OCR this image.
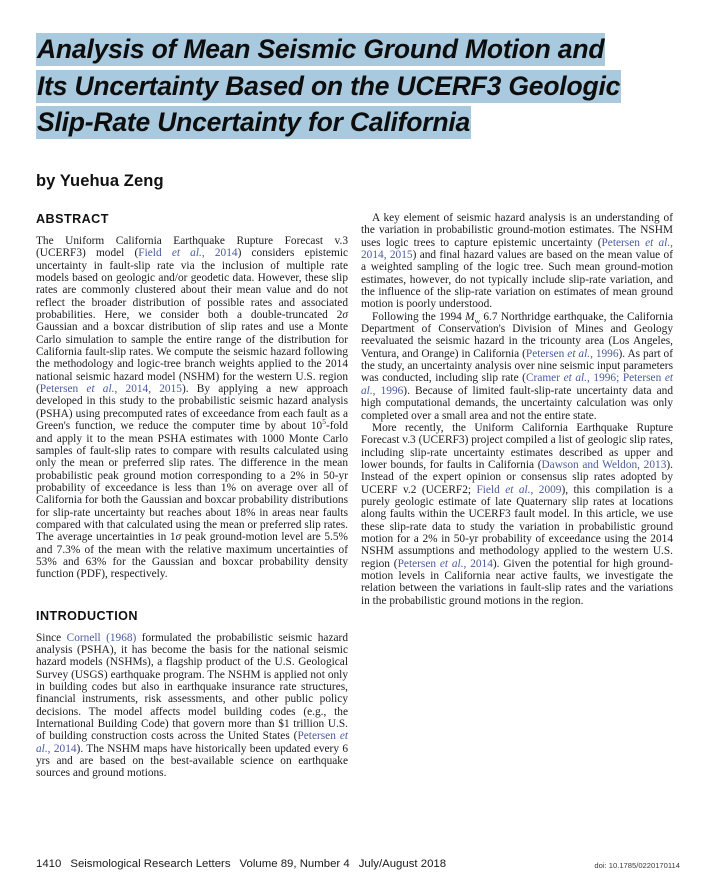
Analysis of Mean Seismic Ground Motion and
Its Uncertainty Based on the UCERF3 Geologic
Slip-Rate Uncertainty for California
by Yuehua Zeng
ABSTRACT

The Uniform California Earthquake Rupture Forecast v.3 (UCERF3) model (Field et al., 2014) considers epistemic uncertainty in fault-slip rate via the inclusion of multiple rate models based on geologic and/or geodetic data. However, these slip rates are commonly clustered about their mean value and do not reflect the broader distribution of possible rates and associated probabilities. Here, we consider both a double-truncated 2σ Gaussian and a boxcar distribution of slip rates and use a Monte Carlo simulation to sample the entire range of the distribution for California fault-slip rates. We compute the seismic hazard following the methodology and logic-tree branch weights applied to the 2014 national seismic hazard model (NSHM) for the western U.S. region (Petersen et al., 2014, 2015). By applying a new approach developed in this study to the probabilistic seismic hazard analysis (PSHA) using precomputed rates of exceedance from each fault as a Green's function, we reduce the computer time by about $10^5$-fold and apply it to the mean PSHA estimates with 1000 Monte Carlo samples of fault-slip rates to compare with results calculated using only the mean or preferred slip rates. The difference in the mean probabilistic peak ground motion corresponding to a 2% in 50-yr probability of exceedance is less than 1% on average over all of California for both the Gaussian and boxcar probability distributions for slip-rate uncertainty but reaches about 18% in areas near faults compared with that calculated using the mean or preferred slip rates. The average uncertainties in 1σ peak ground-motion level are 5.5% and 7.3% of the mean with the relative maximum uncertainties of 53% and 63% for the Gaussian and boxcar probability density function (PDF), respectively.

INTRODUCTION

Since Cornell (1968) formulated the probabilistic seismic hazard analysis (PSHA), it has become the basis for the national seismic hazard models (NSHMs), a flagship product of the U.S. Geological Survey (USGS) earthquake program. The NSHM is applied not only in building codes but also in earthquake insurance rate structures, financial instruments, risk assessments, and other public policy decisions. The model affects model building codes (e.g., the International Building Code) that govern more than $1 trillion U.S. of building construction costs across the United States (Petersen et al., 2014). The NSHM maps have historically been updated every 6 yrs and are based on the best-available science on earthquake sources and ground motions.

A key element of seismic hazard analysis is an understanding of the variation in probabilistic ground-motion estimates. The NSHM uses logic trees to capture epistemic uncertainty (Petersen et al., 2014, 2015) and final hazard values are based on the mean value of a weighted sampling of the logic tree. Such mean ground-motion estimates, however, do not typically include slip-rate variation, and the influence of the slip-rate variation on estimates of mean ground motion is poorly understood.

Following the 1994 $M_w$ 6.7 Northridge earthquake, the California Department of Conservation's Division of Mines and Geology reevaluated the seismic hazard in the tricounty area (Los Angeles, Ventura, and Orange) in California (Petersen et al., 1996). As part of the study, an uncertainty analysis over nine seismic input parameters was conducted, including slip rate (Cramer et al., 1996; Petersen et al., 1996). Because of limited fault-slip-rate uncertainty data and high computational demands, the uncertainty calculation was only completed over a small area and not the entire state.

More recently, the Uniform California Earthquake Rupture Forecast v.3 (UCERF3) project compiled a list of geologic slip rates, including slip-rate uncertainty estimates described as upper and lower bounds, for faults in California (Dawson and Weldon, 2013). Instead of the expert opinion or consensus slip rates adopted by UCERF v.2 (UCERF2; Field et al., 2009), this compilation is a purely geologic estimate of late Quaternary slip rates at locations along faults within the UCERF3 fault model. In this article, we use these slip-rate data to study the variation in probabilistic ground motion for a 2% in 50-yr probability of exceedance using the 2014 NSHM assumptions and methodology applied to the western U.S. region (Petersen et al., 2014). Given the potential for high ground-motion levels in California near active faults, we investigate the relation between the variations in fault-slip rates and the variations in the probabilistic ground motions in the region.

1410 Seismological Research Letters Volume 89, Number 4 July/August 2018	doi: 10.1785/0220170114
